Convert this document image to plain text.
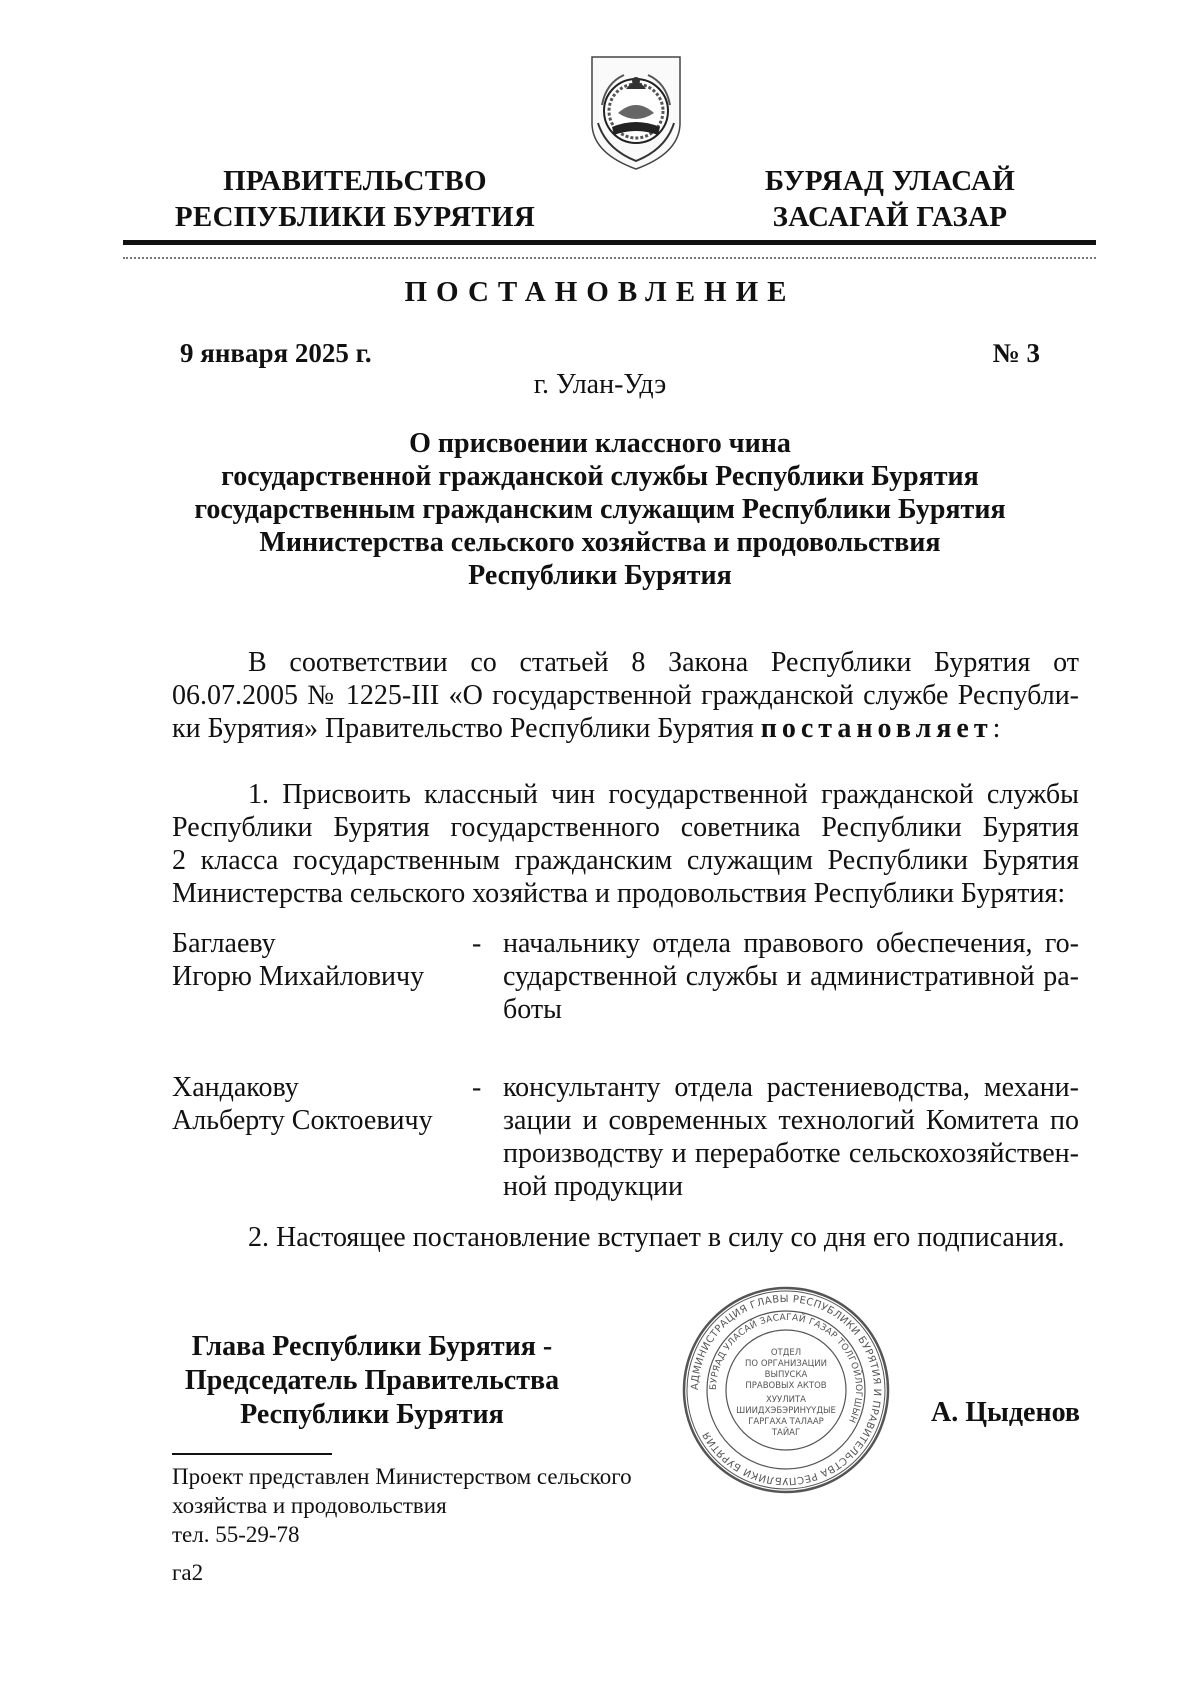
ПРАВИТЕЛЬСТВО
РЕСПУБЛИКИ БУРЯТИЯ
БУРЯАД УЛАСАЙ
ЗАСАГАЙ ГАЗАР
ПОСТАНОВЛЕНИЕ
9 января 2025 г.	№ 3
г. Улан-Удэ
О присвоении классного чина
государственной гражданской службы Республики Бурятия
государственным гражданским служащим Республики Бурятия
Министерства сельского хозяйства и продовольствия
Республики Бурятия
В соответствии со статьей 8 Закона Республики Бурятия от
06.07.2005 № 1225-III «О государственной гражданской службе Республи-
ки Бурятия» Правительство Республики Бурятия постановляет:
1. Присвоить классный чин государственной гражданской службы
Республики Бурятия государственного советника Республики Бурятия
2 класса государственным гражданским служащим Республики Бурятия
Министерства сельского хозяйства и продовольствия Республики Бурятия:
Баглаеву
Игорю Михайловичу
- начальнику отдела правового обеспечения, го-
сударственной службы и административной ра-
боты
Хандакову
Альберту Соктоевичу
- консультанту отдела растениеводства, механи-
зации и современных технологий Комитета по
производству и переработке сельскохозяйствен-
ной продукции
2. Настоящее постановление вступает в силу со дня его подписания.
Глава Республики Бурятия -
Председатель Правительства
Республики Бурятия	А. Цыденов
АДМИНИСТРАЦИЯ ГЛАВЫ РЕСПУБЛИКИ БУРЯТИЯ И ПРАВИТЕЛЬСТВА РЕСПУБЛИКИ БУРЯТИЯ
БУРЯАД УЛАСАЙ ЗАСАГАЙ ГАЗАР ТОЛГОЙЛОГШЫН
ОТДЕЛ
ПО ОРГАНИЗАЦИИ
ВЫПУСКА
ПРАВОВЫХ АКТОВ
ХУУЛИТА
ШИИДХЭБЭРИНҮҮДЫЕ
ГАРГАХА ТАЛААР
ТАЙАГ
Проект представлен Министерством сельского
хозяйства и продовольствия
тел. 55-29-78
га2
